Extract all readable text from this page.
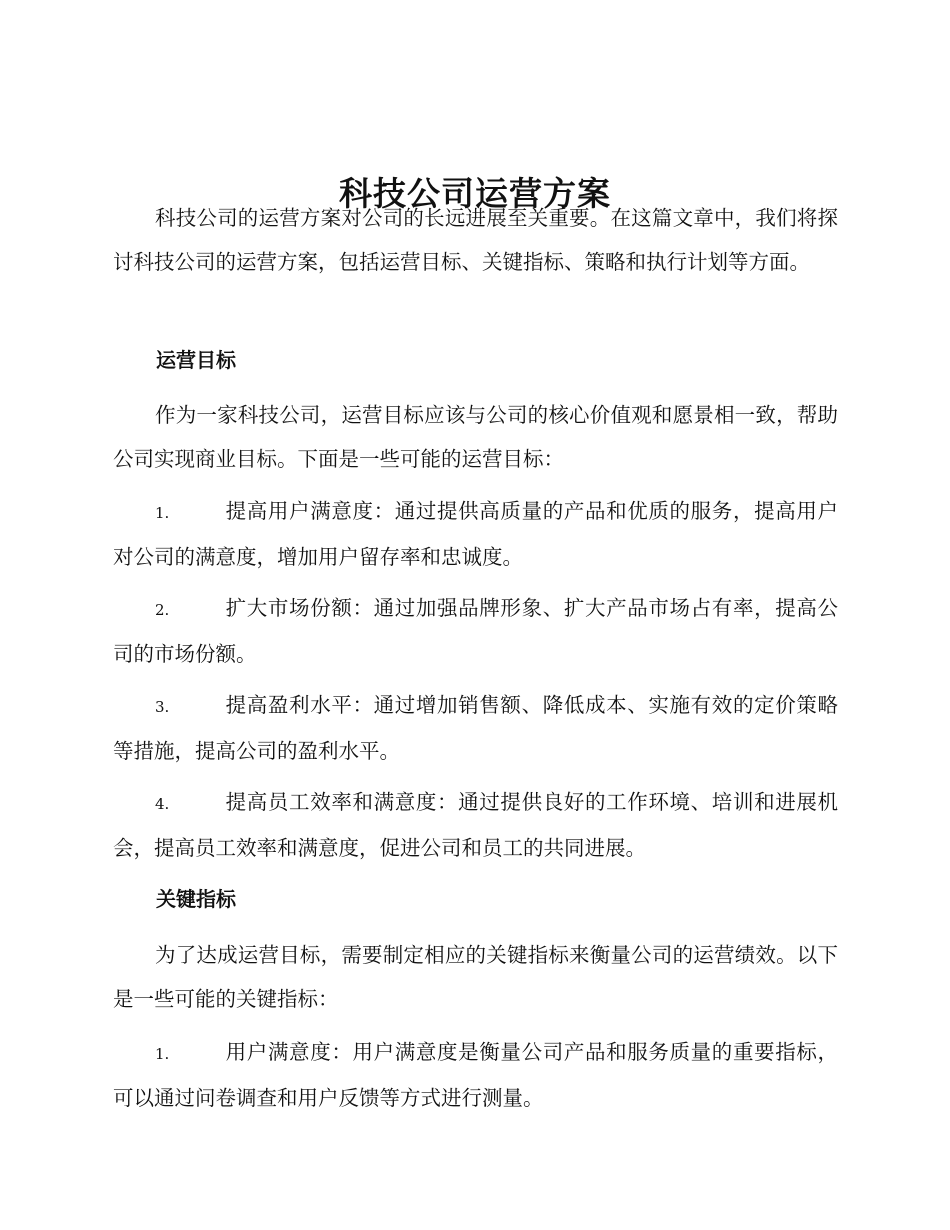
科技公司运营方案

科技公司的运营方案对公司的长远进展至关重要。在这篇文章中，我们将探讨科技公司的运营方案，包括运营目标、关键指标、策略和执行计划等方面。

运营目标

作为一家科技公司，运营目标应该与公司的核心价值观和愿景相一致，帮助公司实现商业目标。下面是一些可能的运营目标：

1.	提高用户满意度：通过提供高质量的产品和优质的服务，提高用户对公司的满意度，增加用户留存率和忠诚度。

2.	扩大市场份额：通过加强品牌形象、扩大产品市场占有率，提高公司的市场份额。

3.	提高盈利水平：通过增加销售额、降低成本、实施有效的定价策略等措施，提高公司的盈利水平。

4.	提高员工效率和满意度：通过提供良好的工作环境、培训和进展机会，提高员工效率和满意度，促进公司和员工的共同进展。

关键指标

为了达成运营目标，需要制定相应的关键指标来衡量公司的运营绩效。以下是一些可能的关键指标：

1.	用户满意度：用户满意度是衡量公司产品和服务质量的重要指标，可以通过问卷调查和用户反馈等方式进行测量。
